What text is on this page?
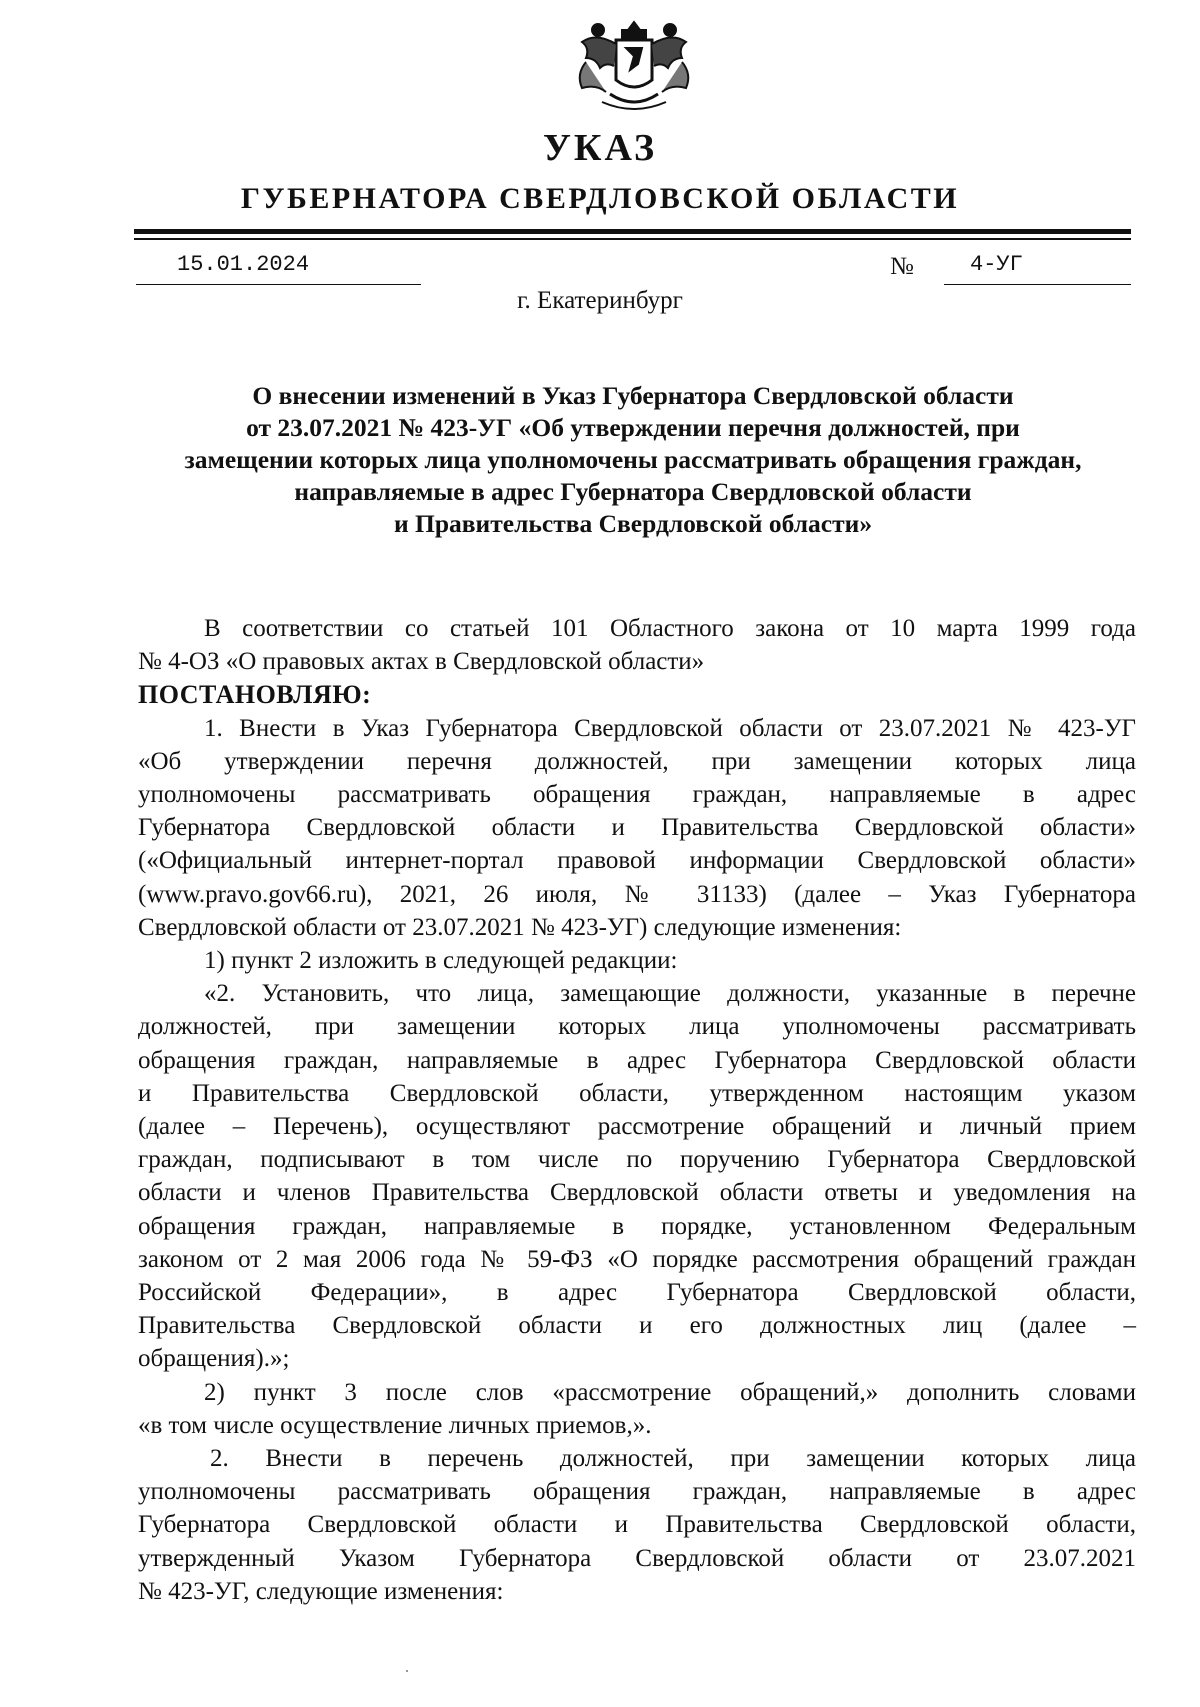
УКАЗ
ГУБЕРНАТОРА СВЕРДЛОВСКОЙ ОБЛАСТИ
15.01.2024	№	4-УГ
г. Екатеринбург
О внесении изменений в Указ Губернатора Свердловской области
от 23.07.2021 № 423-УГ «Об утверждении перечня должностей, при
замещении которых лица уполномочены рассматривать обращения граждан,
направляемые в адрес Губернатора Свердловской области
и Правительства Свердловской области»
В соответствии со статьей 101 Областного закона от 10 марта 1999 года
№ 4-ОЗ «О правовых актах в Свердловской области»
ПОСТАНОВЛЯЮ:
1. Внести в Указ Губернатора Свердловской области от 23.07.2021 № 423-УГ
«Об утверждении перечня должностей, при замещении которых лица
уполномочены рассматривать обращения граждан, направляемые в адрес
Губернатора Свердловской области и Правительства Свердловской области»
(«Официальный интернет-портал правовой информации Свердловской области»
(www.pravo.gov66.ru), 2021, 26 июля, № 31133) (далее – Указ Губернатора
Свердловской области от 23.07.2021 № 423-УГ) следующие изменения:
1) пункт 2 изложить в следующей редакции:
«2. Установить, что лица, замещающие должности, указанные в перечне
должностей, при замещении которых лица уполномочены рассматривать
обращения граждан, направляемые в адрес Губернатора Свердловской области
и Правительства Свердловской области, утвержденном настоящим указом
(далее – Перечень), осуществляют рассмотрение обращений и личный прием
граждан, подписывают в том числе по поручению Губернатора Свердловской
области и членов Правительства Свердловской области ответы и уведомления на
обращения граждан, направляемые в порядке, установленном Федеральным
законом от 2 мая 2006 года № 59-ФЗ «О порядке рассмотрения обращений граждан
Российской Федерации», в адрес Губернатора Свердловской области,
Правительства Свердловской области и его должностных лиц (далее –
обращения).»;
2) пункт 3 после слов «рассмотрение обращений,» дополнить словами
«в том числе осуществление личных приемов,».
2. Внести в перечень должностей, при замещении которых лица
уполномочены рассматривать обращения граждан, направляемые в адрес
Губернатора Свердловской области и Правительства Свердловской области,
утвержденный Указом Губернатора Свердловской области от 23.07.2021
№ 423-УГ, следующие изменения:
